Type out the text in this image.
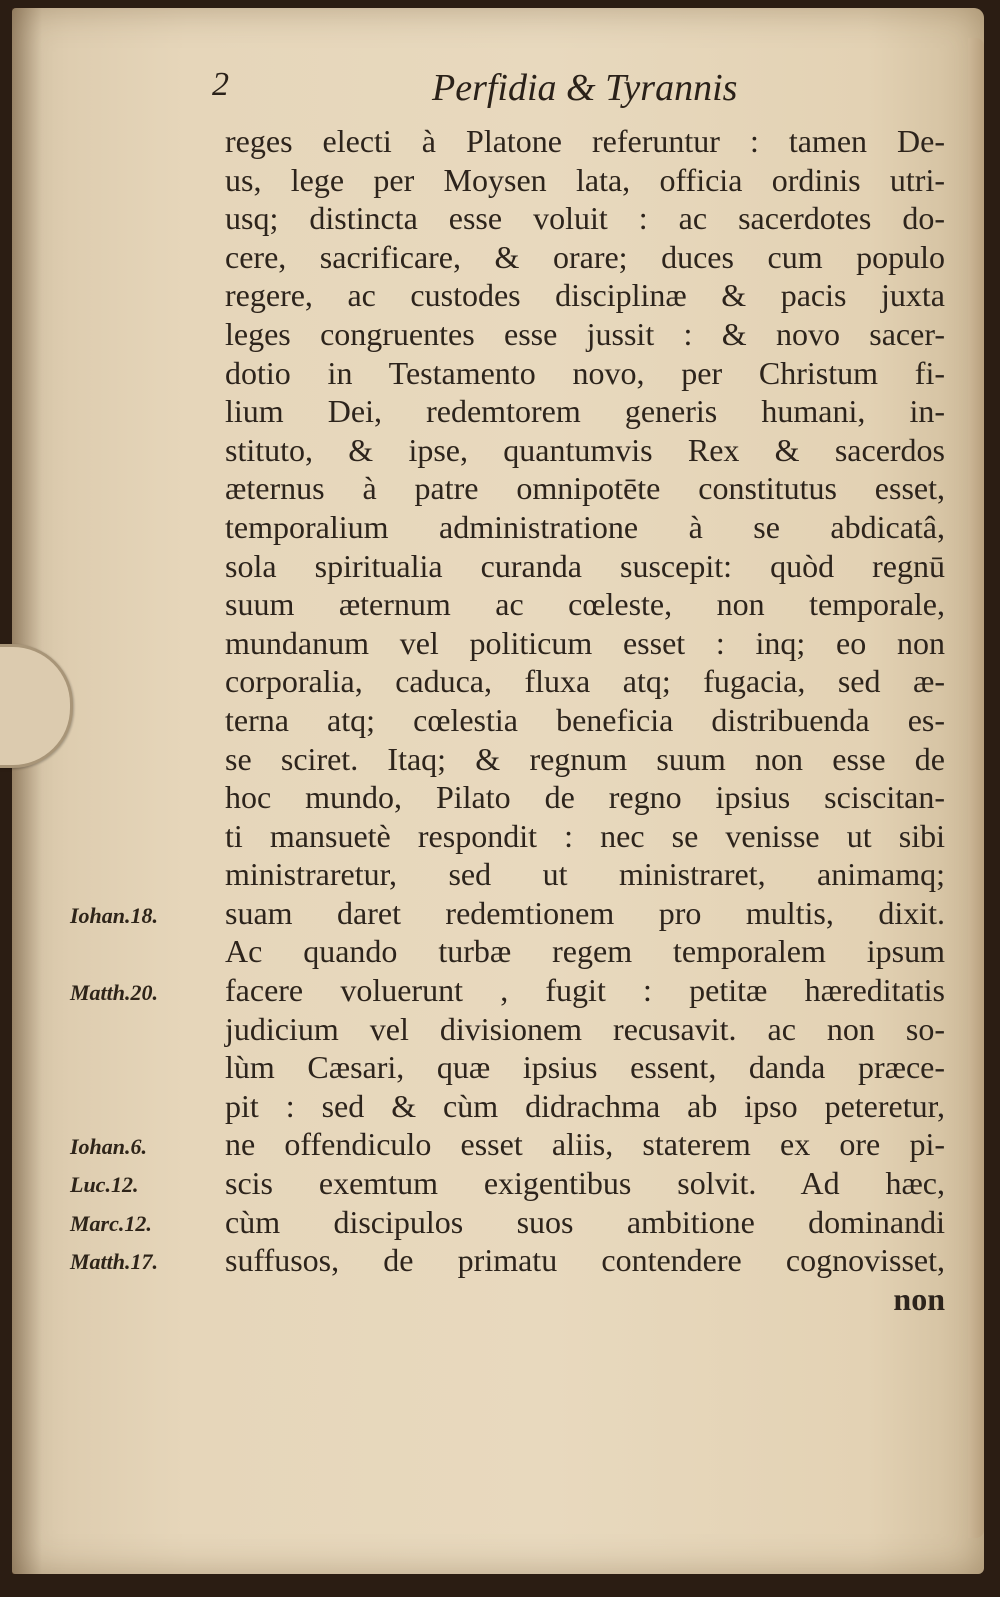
2	Perfidia & Tyrannis
reges electi à Platone referuntur : tamen De-
us, lege per Moysen lata, officia ordinis utri-
usq; distincta esse voluit : ac sacerdotes do-
cere, sacrificare, & orare; duces cum populo
regere, ac custodes disciplinæ & pacis juxta
leges congruentes esse jussit : & novo sacer-
dotio in Testamento novo, per Christum fi-
lium Dei, redemtorem generis humani, in-
stituto, & ipse, quantumvis Rex & sacerdos
æternus à patre omnipotēte constitutus esset,
temporalium administratione à se abdicatâ,
sola spiritualia curanda suscepit: quòd regnū
suum æternum ac cœleste, non temporale,
mundanum vel politicum esset : inq; eo non
corporalia, caduca, fluxa atq; fugacia, sed æ-
terna atq; cœlestia beneficia distribuenda es-
se sciret. Itaq; & regnum suum non esse de
hoc mundo, Pilato de regno ipsius sciscitan-
ti mansuetè respondit : nec se venisse ut sibi
ministraretur, sed ut ministraret, animamq;
suam daret redemtionem pro multis, dixit.
Ac quando turbæ regem temporalem ipsum
facere voluerunt , fugit : petitæ hæreditatis
judicium vel divisionem recusavit. ac non so-
lùm Cæsari, quæ ipsius essent, danda præce-
pit : sed & cùm didrachma ab ipso peteretur,
ne offendiculo esset aliis, staterem ex ore pi-
scis exemtum exigentibus solvit. Ad hæc,
cùm discipulos suos ambitione dominandi
suffusos, de primatu contendere cognovisset,
non
Iohan.18.
Matth.20.
Iohan.6.
Luc.12.
Marc.12.
Matth.17.
